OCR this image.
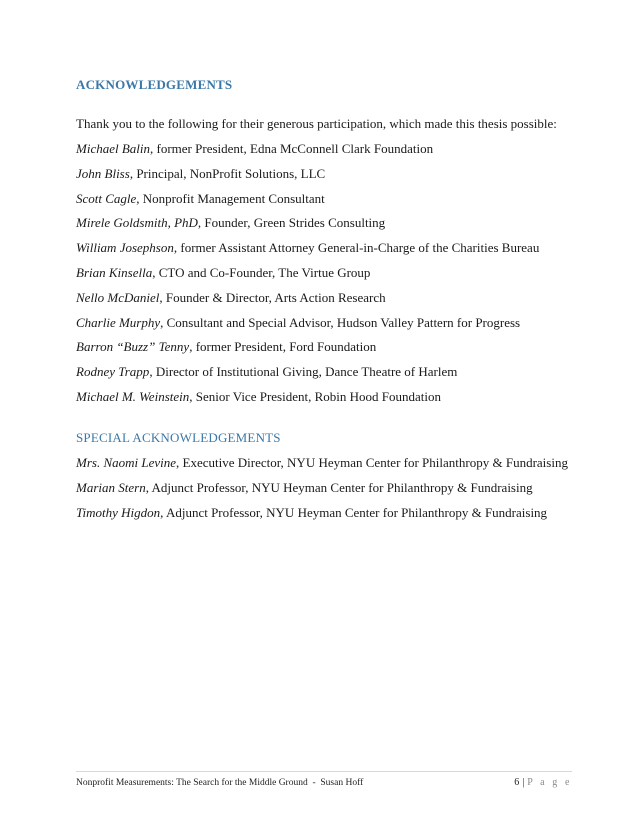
ACKNOWLEDGEMENTS
Thank you to the following for their generous participation, which made this thesis possible:
Michael Balin, former President, Edna McConnell Clark Foundation
John Bliss, Principal, NonProfit Solutions, LLC
Scott Cagle, Nonprofit Management Consultant
Mirele Goldsmith, PhD, Founder, Green Strides Consulting
William Josephson, former Assistant Attorney General-in-Charge of the Charities Bureau
Brian Kinsella, CTO and Co-Founder, The Virtue Group
Nello McDaniel, Founder & Director, Arts Action Research
Charlie Murphy, Consultant and Special Advisor, Hudson Valley Pattern for Progress
Barron “Buzz” Tenny, former President, Ford Foundation
Rodney Trapp, Director of Institutional Giving, Dance Theatre of Harlem
Michael M. Weinstein, Senior Vice President, Robin Hood Foundation
SPECIAL ACKNOWLEDGEMENTS
Mrs. Naomi Levine, Executive Director, NYU Heyman Center for Philanthropy & Fundraising
Marian Stern, Adjunct Professor, NYU Heyman Center for Philanthropy & Fundraising
Timothy Higdon, Adjunct Professor, NYU Heyman Center for Philanthropy & Fundraising
Nonprofit Measurements: The Search for the Middle Ground  -  Susan Hoff	6 | P a g e
